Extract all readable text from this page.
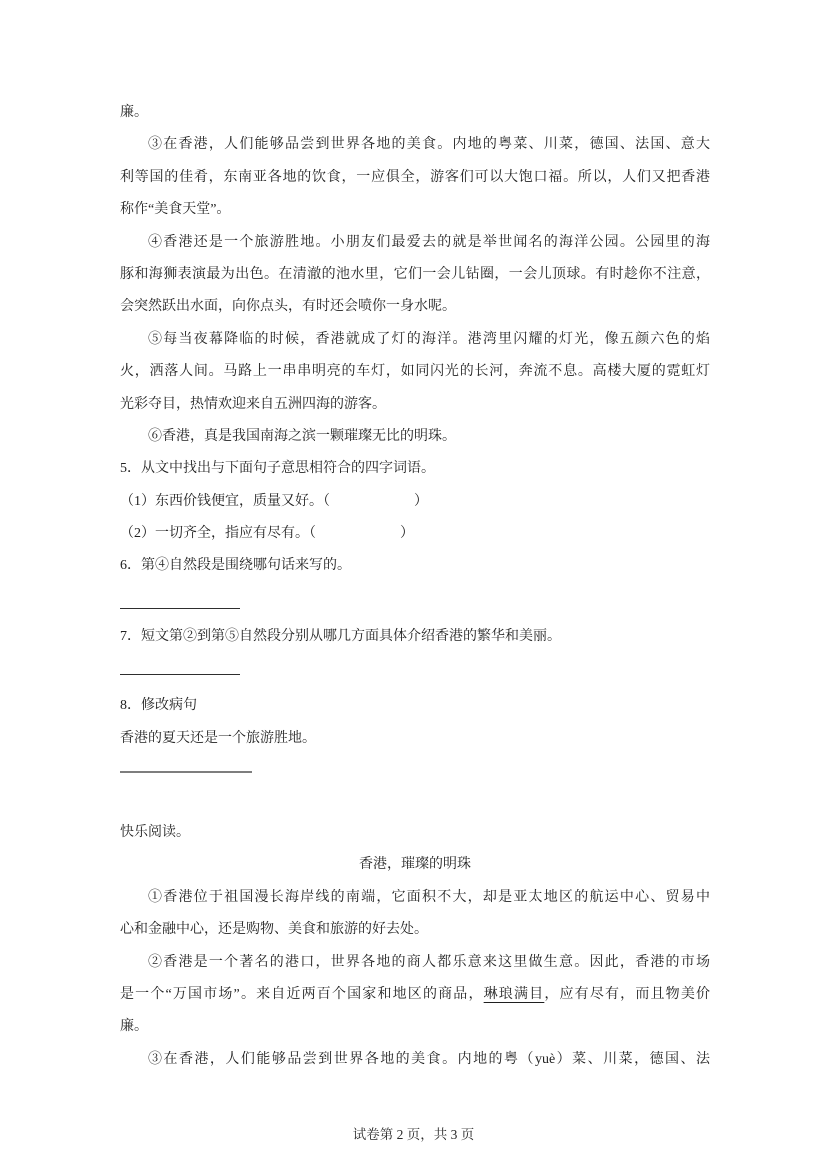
廉。
③在香港，人们能够品尝到世界各地的美食。内地的粤菜、川菜，德国、法国、意大
利等国的佳肴，东南亚各地的饮食，一应俱全，游客们可以大饱口福。所以，人们又把香港
称作“美食天堂”。
④香港还是一个旅游胜地。小朋友们最爱去的就是举世闻名的海洋公园。公园里的海
豚和海狮表演最为出色。在清澈的池水里，它们一会儿钻圈，一会儿顶球。有时趁你不注意，
会突然跃出水面，向你点头，有时还会喷你一身水呢。
⑤每当夜幕降临的时候，香港就成了灯的海洋。港湾里闪耀的灯光，像五颜六色的焰
火，洒落人间。马路上一串串明亮的车灯，如同闪光的长河，奔流不息。高楼大厦的霓虹灯
光彩夺目，热情欢迎来自五洲四海的游客。
⑥香港，真是我国南海之滨一颗璀璨无比的明珠。
5．从文中找出与下面句子意思相符合的四字词语。
（1）东西价钱便宜，质量又好。（　　　　　　）
（2）一切齐全，指应有尽有。（　　　　　　）
6．第④自然段是围绕哪句话来写的。
7．短文第②到第⑤自然段分别从哪几方面具体介绍香港的繁华和美丽。
8．修改病句
香港的夏天还是一个旅游胜地。
快乐阅读。
香港，璀璨的明珠
①香港位于祖国漫长海岸线的南端，它面积不大，却是亚太地区的航运中心、贸易中
心和金融中心，还是购物、美食和旅游的好去处。
②香港是一个著名的港口，世界各地的商人都乐意来这里做生意。因此，香港的市场
是一个“万国市场”。来自近两百个国家和地区的商品，琳琅满目，应有尽有，而且物美价
廉。
③在香港，人们能够品尝到世界各地的美食。内地的粤（yuè）菜、川菜，德国、法
试卷第 2 页，共 3 页
